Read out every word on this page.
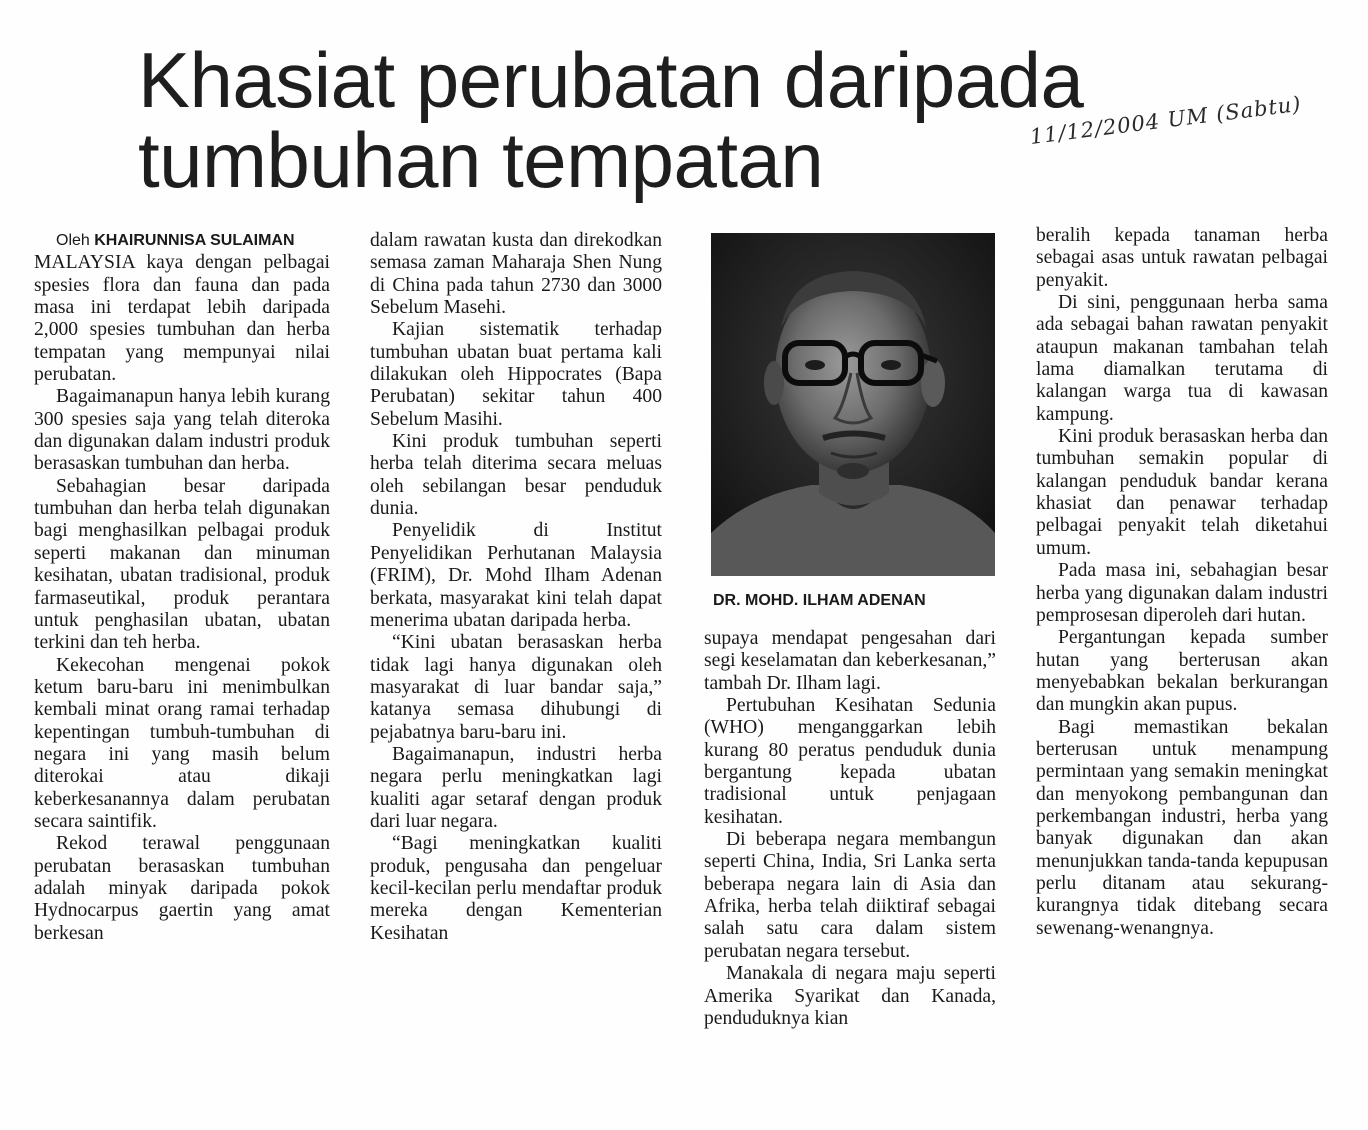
Khasiat perubatan daripada
tumbuhan tempatan	11/12/2004 UM (Sabtu)

Oleh KHAIRUNNISA SULAIMAN

MALAYSIA kaya dengan pelbagai spesies flora dan fauna dan pada masa ini terdapat lebih daripada 2,000 spesies tumbuhan dan herba tempatan yang mempunyai nilai perubatan.

Bagaimanapun hanya lebih kurang 300 spesies saja yang telah diteroka dan digunakan dalam industri produk berasaskan tumbuhan dan herba.

Sebahagian besar daripada tumbuhan dan herba telah digunakan bagi menghasilkan pelbagai produk seperti makanan dan minuman kesihatan, ubatan tradisional, produk farmaseutikal, produk perantara untuk penghasilan ubatan, ubatan terkini dan teh herba.

Kekecohan mengenai pokok ketum baru-baru ini menimbulkan kembali minat orang ramai terhadap kepentingan tumbuh-tumbuhan di negara ini yang masih belum diterokai atau dikaji keberkesanannya dalam perubatan secara saintifik.

Rekod terawal penggunaan perubatan berasaskan tumbuhan adalah minyak daripada pokok Hydnocarpus gaertin yang amat berkesan

dalam rawatan kusta dan direkodkan semasa zaman Maharaja Shen Nung di China pada tahun 2730 dan 3000 Sebelum Masehi.

Kajian sistematik terhadap tumbuhan ubatan buat pertama kali dilakukan oleh Hippocrates (Bapa Perubatan) sekitar tahun 400 Sebelum Masihi.

Kini produk tumbuhan seperti herba telah diterima secara meluas oleh sebilangan besar penduduk dunia.

Penyelidik di Institut Penyelidikan Perhutanan Malaysia (FRIM), Dr. Mohd Ilham Adenan berkata, masyarakat kini telah dapat menerima ubatan daripada herba.

“Kini ubatan berasaskan herba tidak lagi hanya digunakan oleh masyarakat di luar bandar saja,” katanya semasa dihubungi di pejabatnya baru-baru ini.

Bagaimanapun, industri herba negara perlu meningkatkan lagi kualiti agar setaraf dengan produk dari luar negara.

“Bagi meningkatkan kualiti produk, pengusaha dan pengeluar kecil-kecilan perlu mendaftar produk mereka dengan Kementerian Kesihatan

DR. MOHD. ILHAM ADENAN

supaya mendapat pengesahan dari segi keselamatan dan keberkesanan,” tambah Dr. Ilham lagi.

Pertubuhan Kesihatan Sedunia (WHO) menganggarkan lebih kurang 80 peratus penduduk dunia bergantung kepada ubatan tradisional untuk penjagaan kesihatan.

Di beberapa negara membangun seperti China, India, Sri Lanka serta beberapa negara lain di Asia dan Afrika, herba telah diiktiraf sebagai salah satu cara dalam sistem perubatan negara tersebut.

Manakala di negara maju seperti Amerika Syarikat dan Kanada, penduduknya kian

beralih kepada tanaman herba sebagai asas untuk rawatan pelbagai penyakit.

Di sini, penggunaan herba sama ada sebagai bahan rawatan penyakit ataupun makanan tambahan telah lama diamalkan terutama di kalangan warga tua di kawasan kampung.

Kini produk berasaskan herba dan tumbuhan semakin popular di kalangan penduduk bandar kerana khasiat dan penawar terhadap pelbagai penyakit telah diketahui umum.

Pada masa ini, sebahagian besar herba yang digunakan dalam industri pemprosesan diperoleh dari hutan.

Pergantungan kepada sumber hutan yang berterusan akan menyebabkan bekalan berkurangan dan mungkin akan pupus.

Bagi memastikan bekalan berterusan untuk menampung permintaan yang semakin meningkat dan menyokong pembangunan dan perkembangan industri, herba yang banyak digunakan dan akan menunjukkan tanda-tanda kepupusan perlu ditanam atau sekurang-kurangnya tidak ditebang secara sewenang-wenangnya.
